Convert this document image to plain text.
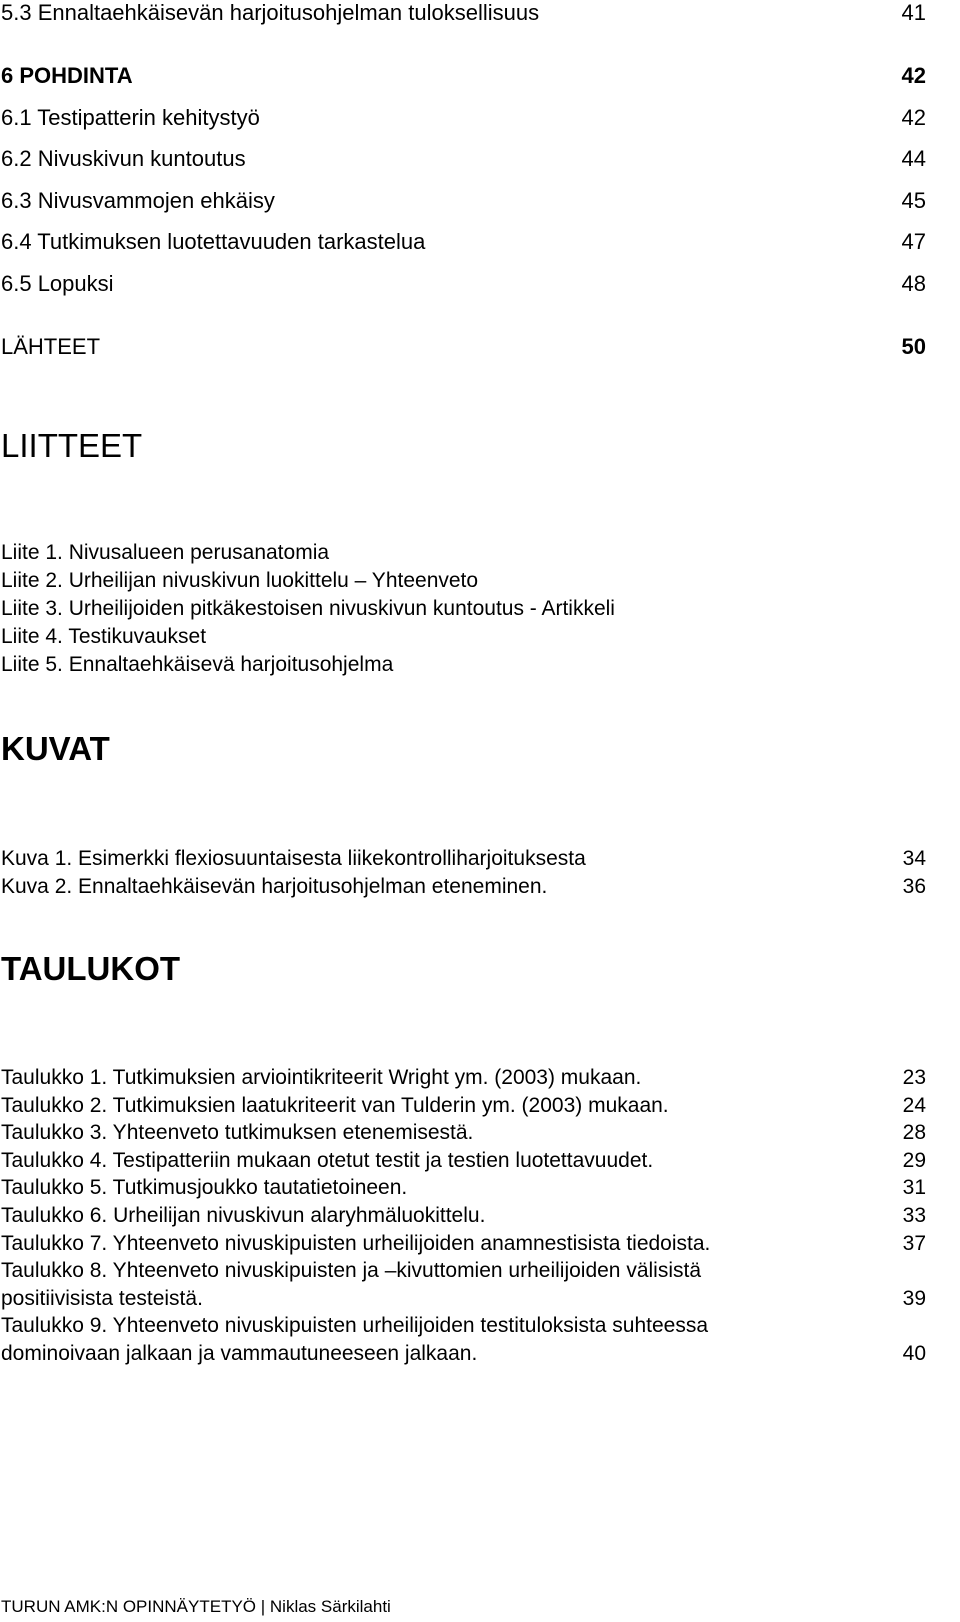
5.3 Ennaltaehkäisevän harjoitusohjelman tuloksellisuus	41
6 POHDINTA	42
6.1 Testipatterin kehitystyö	42
6.2 Nivuskivun kuntoutus	44
6.3 Nivusvammojen ehkäisy	45
6.4 Tutkimuksen luotettavuuden tarkastelua	47
6.5 Lopuksi	48
LÄHTEET	50
LIITTEET
Liite 1. Nivusalueen perusanatomia
Liite 2. Urheilijan nivuskivun luokittelu – Yhteenveto
Liite 3. Urheilijoiden pitkäkestoisen nivuskivun kuntoutus - Artikkeli
Liite 4. Testikuvaukset
Liite 5. Ennaltaehkäisevä harjoitusohjelma
KUVAT
Kuva 1. Esimerkki flexiosuuntaisesta liikekontrolliharjoituksesta	34
Kuva 2. Ennaltaehkäisevän harjoitusohjelman eteneminen.	36
TAULUKOT
Taulukko 1. Tutkimuksien arviointikriteerit Wright ym. (2003) mukaan.	23
Taulukko 2. Tutkimuksien laatukriteerit van Tulderin ym. (2003) mukaan.	24
Taulukko 3. Yhteenveto tutkimuksen etenemisestä.	28
Taulukko 4. Testipatteriin mukaan otetut testit ja testien luotettavuudet.	29
Taulukko 5. Tutkimusjoukko tautatietoineen.	31
Taulukko 6. Urheilijan nivuskivun alaryhmäluokittelu.	33
Taulukko 7. Yhteenveto nivuskipuisten urheilijoiden anamnestisista tiedoista.	37
Taulukko 8. Yhteenveto nivuskipuisten ja –kivuttomien urheilijoiden välisistä
positiivisista testeistä.	39
Taulukko 9. Yhteenveto nivuskipuisten urheilijoiden testituloksista suhteessa
dominoivaan jalkaan ja vammautuneeseen jalkaan.	40
TURUN AMK:N OPINNÄYTETYÖ | Niklas Särkilahti
